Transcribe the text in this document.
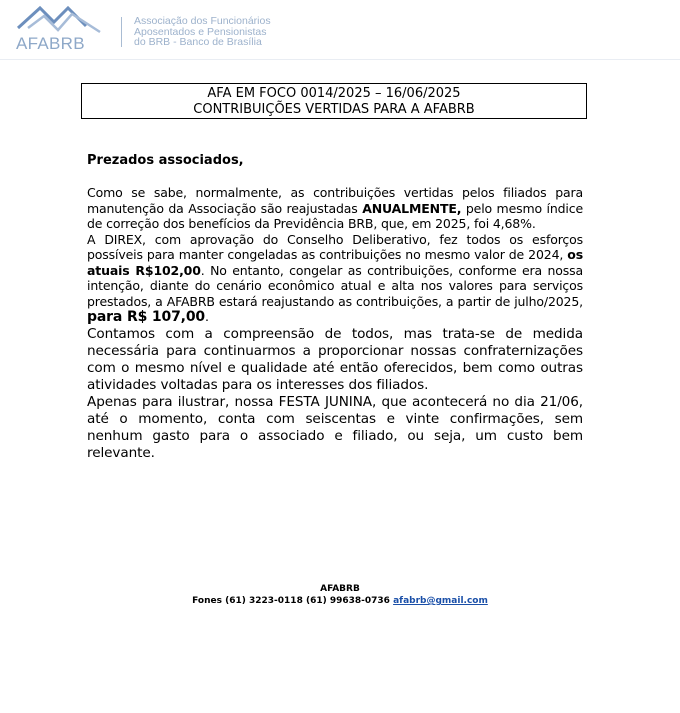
AFABRB
Associação dos Funcionários
Aposentados e Pensionistas
do BRB - Banco de Brasília
AFA EM FOCO 0014/2025 – 16/06/2025
CONTRIBUIÇÕES VERTIDAS PARA A AFABRB
Prezados associados,

Como se sabe, normalmente, as contribuições vertidas pelos filiados para manutenção da Associação são reajustadas ANUALMENTE, pelo mesmo índice de correção dos benefícios da Previdência BRB, que, em 2025, foi 4,68%.

A DIREX, com aprovação do Conselho Deliberativo, fez todos os esforços possíveis para manter congeladas as contribuições no mesmo valor de 2024, os atuais R$102,00. No entanto, congelar as contribuições, conforme era nossa intenção, diante do cenário econômico atual e alta nos valores para serviços prestados, a AFABRB estará reajustando as contribuições, a partir de julho/2025, para R$ 107,00.

Contamos com a compreensão de todos, mas trata-se de medida necessária para continuarmos a proporcionar nossas confraternizações com o mesmo nível e qualidade até então oferecidos, bem como outras atividades voltadas para os interesses dos filiados.

Apenas para ilustrar, nossa FESTA JUNINA, que acontecerá no dia 21/06, até o momento, conta com seiscentas e vinte confirmações, sem nenhum gasto para o associado e filiado, ou seja, um custo bem relevante.

AFABRB
Fones (61) 3223-0118 (61) 99638-0736 afabrb@gmail.com
